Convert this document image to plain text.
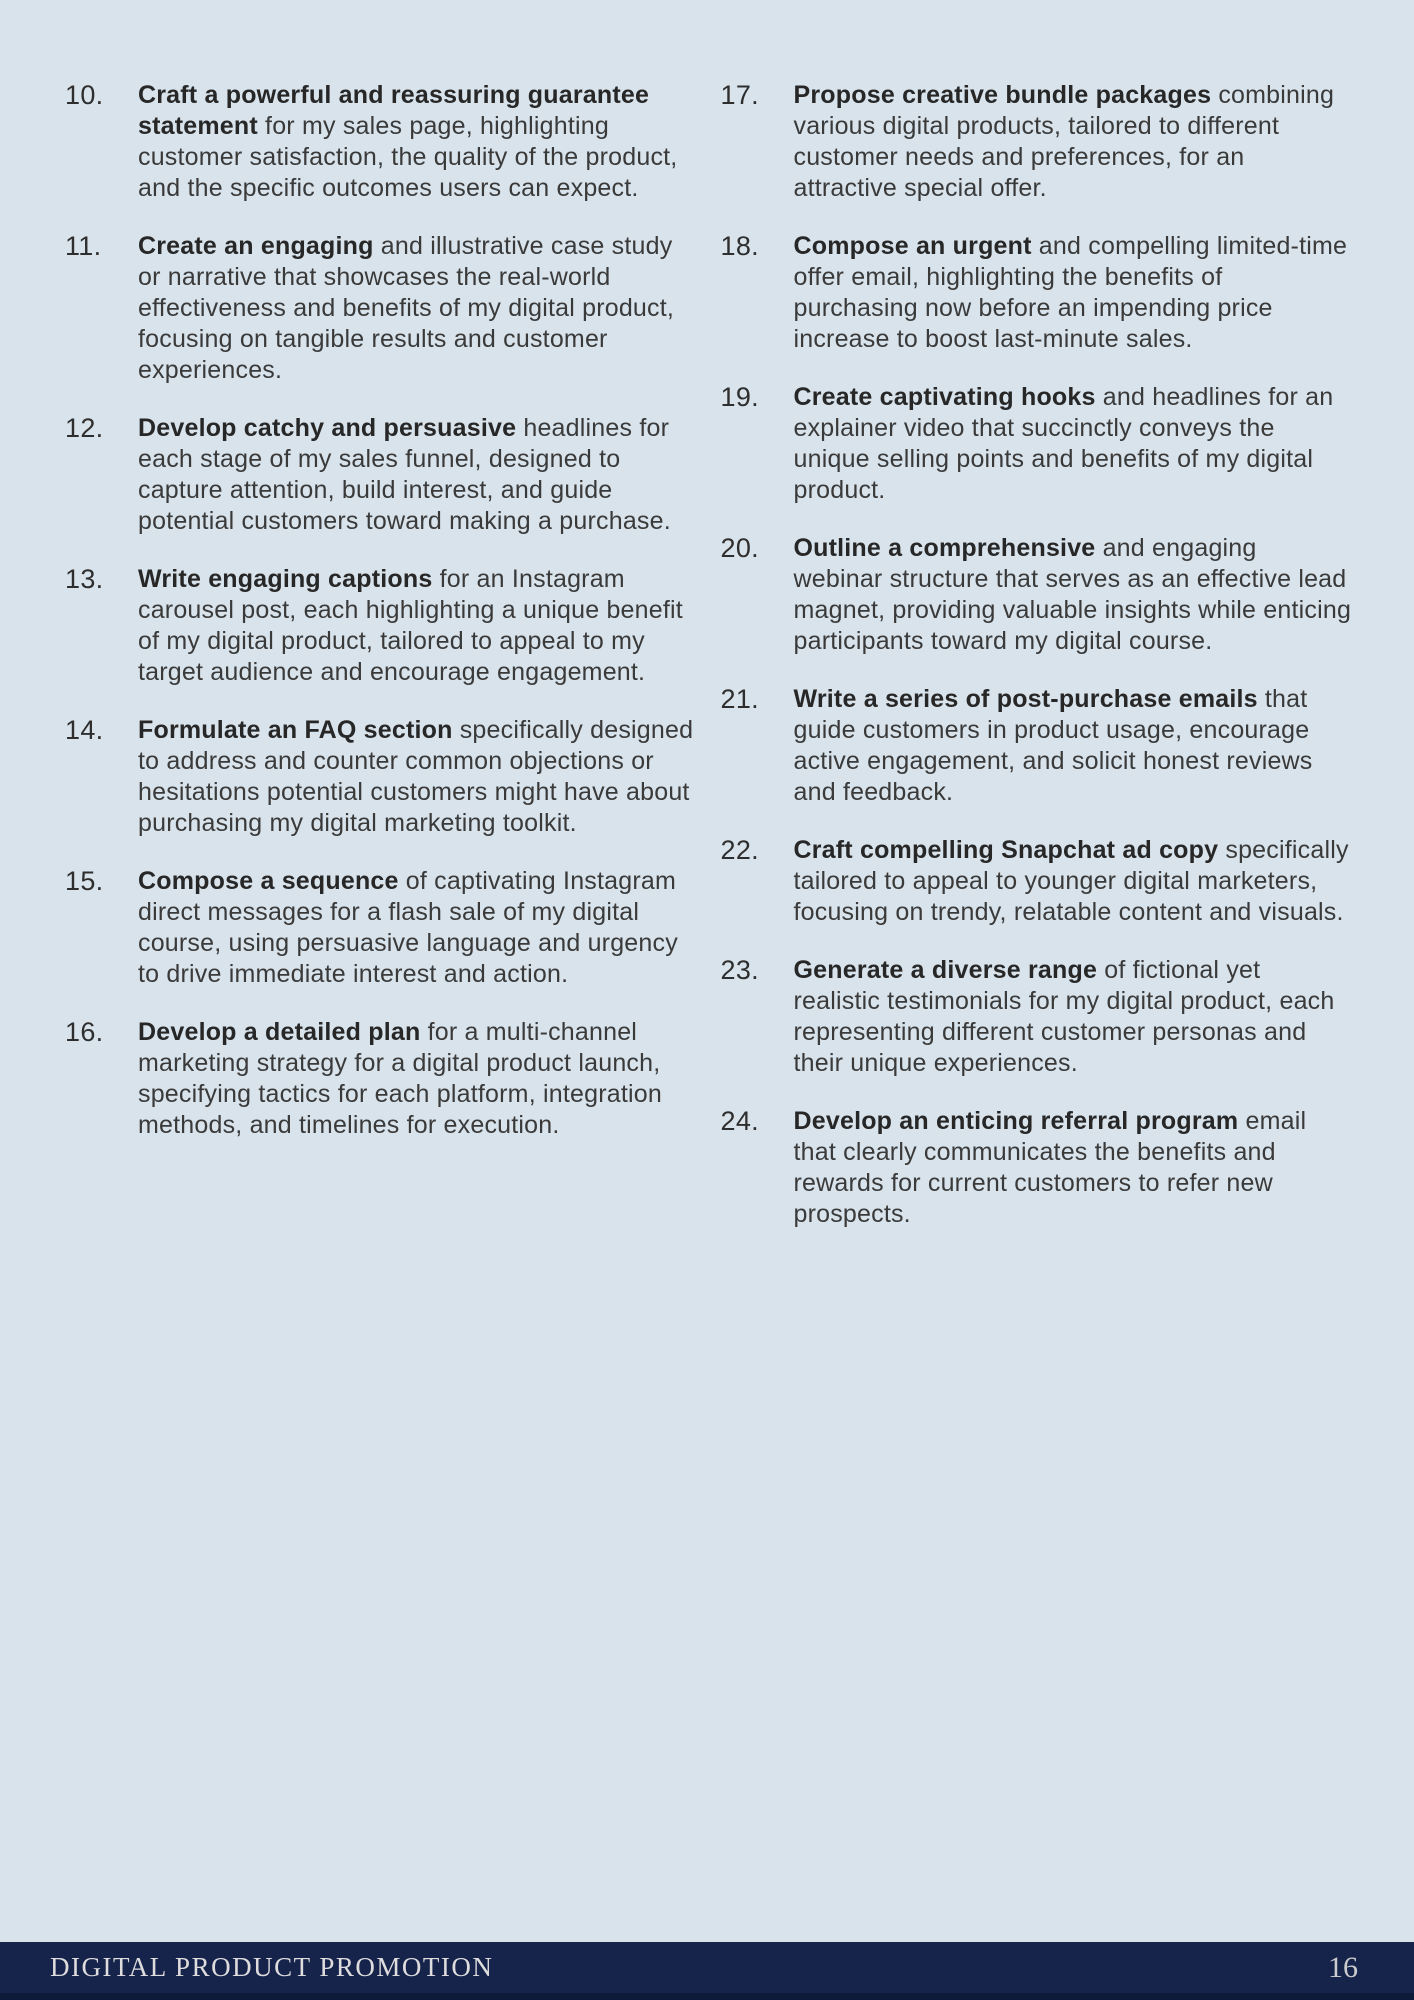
10.	Craft a powerful and reassuring guarantee statement for my sales page, highlighting customer satisfaction, the quality of the product, and the specific outcomes users can expect.
11.	Create an engaging and illustrative case study or narrative that showcases the real-world effectiveness and benefits of my digital product, focusing on tangible results and customer experiences.
12.	Develop catchy and persuasive headlines for each stage of my sales funnel, designed to capture attention, build interest, and guide potential customers toward making a purchase.
13.	Write engaging captions for an Instagram carousel post, each highlighting a unique benefit of my digital product, tailored to appeal to my target audience and encourage engagement.
14.	Formulate an FAQ section specifically designed to address and counter common objections or hesitations potential customers might have about purchasing my digital marketing toolkit.
15.	Compose a sequence of captivating Instagram direct messages for a flash sale of my digital course, using persuasive language and urgency to drive immediate interest and action.
16.	Develop a detailed plan for a multi-channel marketing strategy for a digital product launch, specifying tactics for each platform, integration methods, and timelines for execution.
17.	Propose creative bundle packages combining various digital products, tailored to different customer needs and preferences, for an attractive special offer.
18.	Compose an urgent and compelling limited-time offer email, highlighting the benefits of purchasing now before an impending price increase to boost last-minute sales.
19.	Create captivating hooks and headlines for an explainer video that succinctly conveys the unique selling points and benefits of my digital product.
20.	Outline a comprehensive and engaging webinar structure that serves as an effective lead magnet, providing valuable insights while enticing participants toward my digital course.
21.	Write a series of post-purchase emails that guide customers in product usage, encourage active engagement, and solicit honest reviews and feedback.
22.	Craft compelling Snapchat ad copy specifically tailored to appeal to younger digital marketers, focusing on trendy, relatable content and visuals.
23.	Generate a diverse range of fictional yet realistic testimonials for my digital product, each representing different customer personas and their unique experiences.
24.	Develop an enticing referral program email that clearly communicates the benefits and rewards for current customers to refer new prospects.
DIGITAL PRODUCT PROMOTION	16
